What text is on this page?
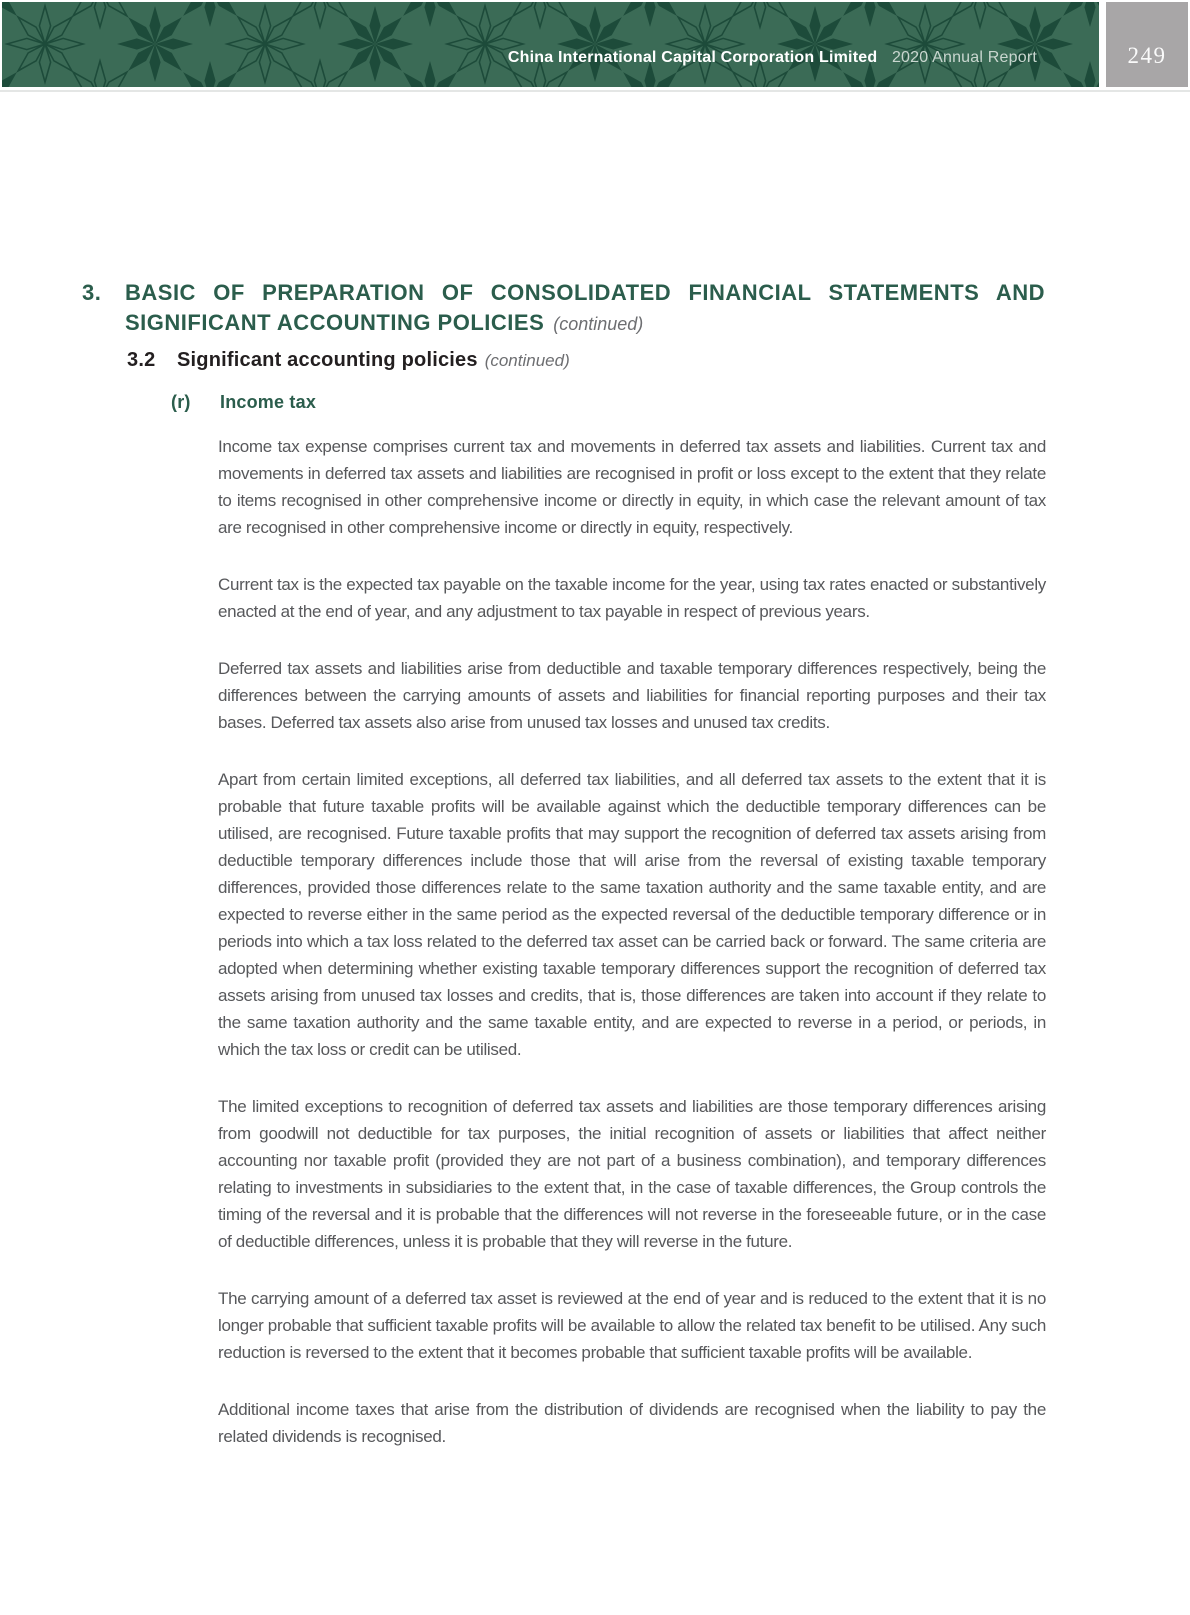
China International Capital Corporation Limited 2020 Annual Report	249
3. BASIC OF PREPARATION OF CONSOLIDATED FINANCIAL STATEMENTS AND
SIGNIFICANT ACCOUNTING POLICIES (continued)
3.2 Significant accounting policies (continued)
(r) Income tax

Income tax expense comprises current tax and movements in deferred tax assets and liabilities. Current tax and movements in deferred tax assets and liabilities are recognised in profit or loss except to the extent that they relate to items recognised in other comprehensive income or directly in equity, in which case the relevant amount of tax are recognised in other comprehensive income or directly in equity, respectively.

Current tax is the expected tax payable on the taxable income for the year, using tax rates enacted or substantively enacted at the end of year, and any adjustment to tax payable in respect of previous years.

Deferred tax assets and liabilities arise from deductible and taxable temporary differences respectively, being the differences between the carrying amounts of assets and liabilities for financial reporting purposes and their tax bases. Deferred tax assets also arise from unused tax losses and unused tax credits.

Apart from certain limited exceptions, all deferred tax liabilities, and all deferred tax assets to the extent that it is probable that future taxable profits will be available against which the deductible temporary differences can be utilised, are recognised. Future taxable profits that may support the recognition of deferred tax assets arising from deductible temporary differences include those that will arise from the reversal of existing taxable temporary differences, provided those differences relate to the same taxation authority and the same taxable entity, and are expected to reverse either in the same period as the expected reversal of the deductible temporary difference or in periods into which a tax loss related to the deferred tax asset can be carried back or forward. The same criteria are adopted when determining whether existing taxable temporary differences support the recognition of deferred tax assets arising from unused tax losses and credits, that is, those differences are taken into account if they relate to the same taxation authority and the same taxable entity, and are expected to reverse in a period, or periods, in which the tax loss or credit can be utilised.

The limited exceptions to recognition of deferred tax assets and liabilities are those temporary differences arising from goodwill not deductible for tax purposes, the initial recognition of assets or liabilities that affect neither accounting nor taxable profit (provided they are not part of a business combination), and temporary differences relating to investments in subsidiaries to the extent that, in the case of taxable differences, the Group controls the timing of the reversal and it is probable that the differences will not reverse in the foreseeable future, or in the case of deductible differences, unless it is probable that they will reverse in the future.

The carrying amount of a deferred tax asset is reviewed at the end of year and is reduced to the extent that it is no longer probable that sufficient taxable profits will be available to allow the related tax benefit to be utilised. Any such reduction is reversed to the extent that it becomes probable that sufficient taxable profits will be available.

Additional income taxes that arise from the distribution of dividends are recognised when the liability to pay the related dividends is recognised.
